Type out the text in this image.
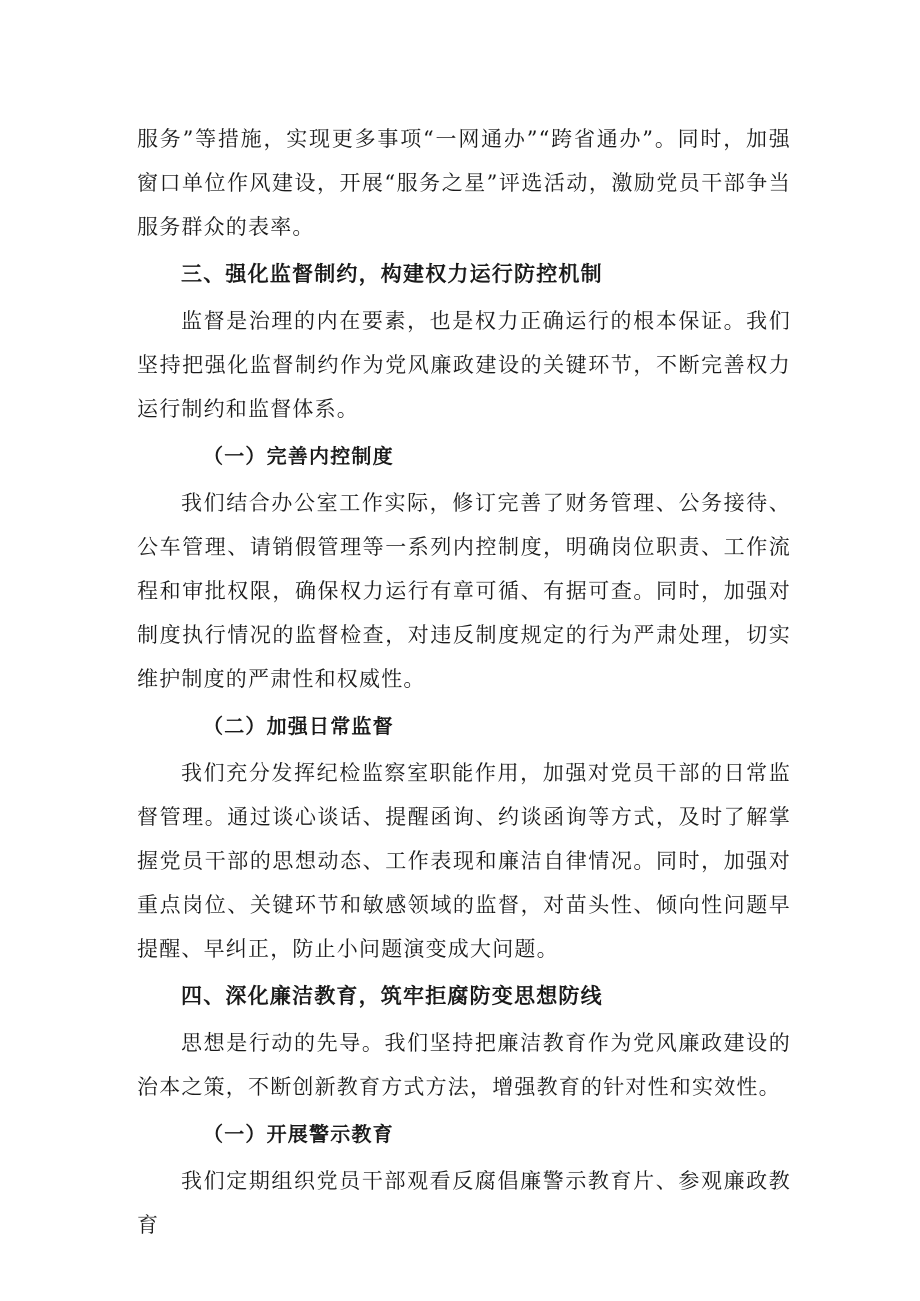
服务”等措施，实现更多事项“一网通办”“跨省通办”。同时，加强窗口单位作风建设，开展“服务之星”评选活动，激励党员干部争当服务群众的表率。

三、强化监督制约，构建权力运行防控机制

监督是治理的内在要素，也是权力正确运行的根本保证。我们坚持把强化监督制约作为党风廉政建设的关键环节，不断完善权力运行制约和监督体系。

（一）完善内控制度

我们结合办公室工作实际，修订完善了财务管理、公务接待、公车管理、请销假管理等一系列内控制度，明确岗位职责、工作流程和审批权限，确保权力运行有章可循、有据可查。同时，加强对制度执行情况的监督检查，对违反制度规定的行为严肃处理，切实维护制度的严肃性和权威性。

（二）加强日常监督

我们充分发挥纪检监察室职能作用，加强对党员干部的日常监督管理。通过谈心谈话、提醒函询、约谈函询等方式，及时了解掌握党员干部的思想动态、工作表现和廉洁自律情况。同时，加强对重点岗位、关键环节和敏感领域的监督，对苗头性、倾向性问题早提醒、早纠正，防止小问题演变成大问题。

四、深化廉洁教育，筑牢拒腐防变思想防线

思想是行动的先导。我们坚持把廉洁教育作为党风廉政建设的治本之策，不断创新教育方式方法，增强教育的针对性和实效性。

（一）开展警示教育

我们定期组织党员干部观看反腐倡廉警示教育片、参观廉政教育
